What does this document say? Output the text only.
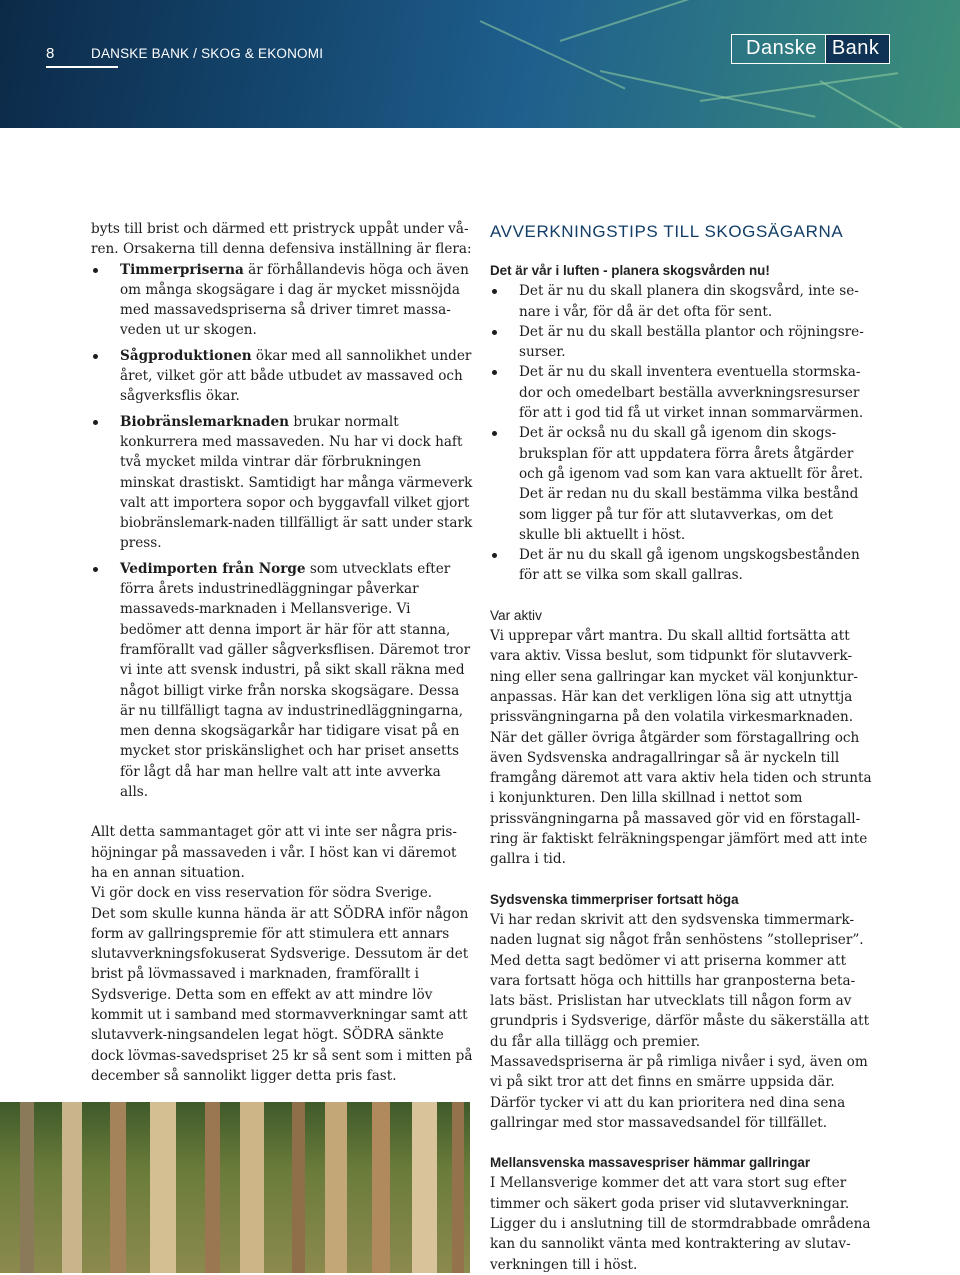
8	DANSKE BANK / SKOG & EKONOMI	Danske Bank

byts till brist och därmed ett pristryck uppåt under vå-

ren. Orsakerna till denna defensiva inställning är flera:

Timmerpriserna är förhållandevis höga och även om många skogsägare i dag är mycket missnöjda med massavedspriserna så driver timret massa-veden ut ur skogen.
Sågproduktionen ökar med all sannolikhet under året, vilket gör att både utbudet av massaved och sågverksflis ökar.
Biobränslemarknaden brukar normalt konkurrera med massaveden. Nu har vi dock haft två mycket milda vintrar där förbrukningen minskat drastiskt. Samtidigt har många värmeverk valt att importera sopor och byggavfall vilket gjort biobränslemark-naden tillfälligt är satt under stark press.
Vedimporten från Norge som utvecklats efter förra årets industrinedläggningar påverkar massaveds-marknaden i Mellansverige. Vi bedömer att denna import är här för att stanna, framförallt vad gäller sågverksflisen. Däremot tror vi inte att svensk industri, på sikt skall räkna med något billigt virke från norska skogsägare. Dessa är nu tillfälligt tagna av industrinedläggningarna, men denna skogsägarkår har tidigare visat på en mycket stor priskänslighet och har priset ansetts för lågt då har man hellre valt att inte avverka alls.

Allt detta sammantaget gör att vi inte ser några pris-höjningar på massaveden i vår. I höst kan vi däremot ha en annan situation.

Vi gör dock en viss reservation för södra Sverige.

Det som skulle kunna hända är att SÖDRA inför någon form av gallringspremie för att stimulera ett annars slutavverkningsfokuserat Sydsverige. Dessutom är det brist på lövmassaved i marknaden, framförallt i Sydsverige. Detta som en effekt av att mindre löv kommit ut i samband med stormavverkningar samt att slutavverk-ningsandelen legat högt. SÖDRA sänkte dock lövmas-savedspriset 25 kr så sent som i mitten på december så sannolikt ligger detta pris fast.

AVVERKNINGSTIPS TILL SKOGSÄGARNA
Det är vår i luften - planera skogsvården nu!
Det är nu du skall planera din skogsvård, inte se-nare i vår, för då är det ofta för sent.
Det är nu du skall beställa plantor och röjningsre-surser.
Det är nu du skall inventera eventuella stormska-dor och omedelbart beställa avverkningsresurser för att i god tid få ut virket innan sommarvärmen.
Det är också nu du skall gå igenom din skogs-bruksplan för att uppdatera förra årets åtgärder och gå igenom vad som kan vara aktuellt för året. Det är redan nu du skall bestämma vilka bestånd som ligger på tur för att slutavverkas, om det skulle bli aktuellt i höst.
Det är nu du skall gå igenom ungskogsbestånden för att se vilka som skall gallras.
Var aktiv

Vi upprepar vårt mantra. Du skall alltid fortsätta att vara aktiv. Vissa beslut, som tidpunkt för slutavverk-ning eller sena gallringar kan mycket väl konjunktur-anpassas. Här kan det verkligen löna sig att utnyttja prissvängningarna på den volatila virkesmarknaden. När det gäller övriga åtgärder som förstagallring och även Sydsvenska andragallringar så är nyckeln till framgång däremot att vara aktiv hela tiden och strunta i konjunkturen. Den lilla skillnad i nettot som prissvängningarna på massaved gör vid en förstagall-ring är faktiskt felräkningspengar jämfört med att inte gallra i tid.

Sydsvenska timmerpriser fortsatt höga

Vi har redan skrivit att den sydsvenska timmermark-naden lugnat sig något från senhöstens ”stollepriser”. Med detta sagt bedömer vi att priserna kommer att vara fortsatt höga och hittills har granposterna beta-lats bäst. Prislistan har utvecklats till någon form av grundpris i Sydsverige, därför måste du säkerställa att du får alla tillägg och premier.

Massavedspriserna är på rimliga nivåer i syd, även om vi på sikt tror att det finns en smärre uppsida där. Därför tycker vi att du kan prioritera ned dina sena gallringar med stor massavedsandel för tillfället.

Mellansvenska massavespriser hämmar gallringar

I Mellansverige kommer det att vara stort sug efter timmer och säkert goda priser vid slutavverkningar. Ligger du i anslutning till de stormdrabbade områdena kan du sannolikt vänta med kontraktering av slutav-verkningen till i höst.
